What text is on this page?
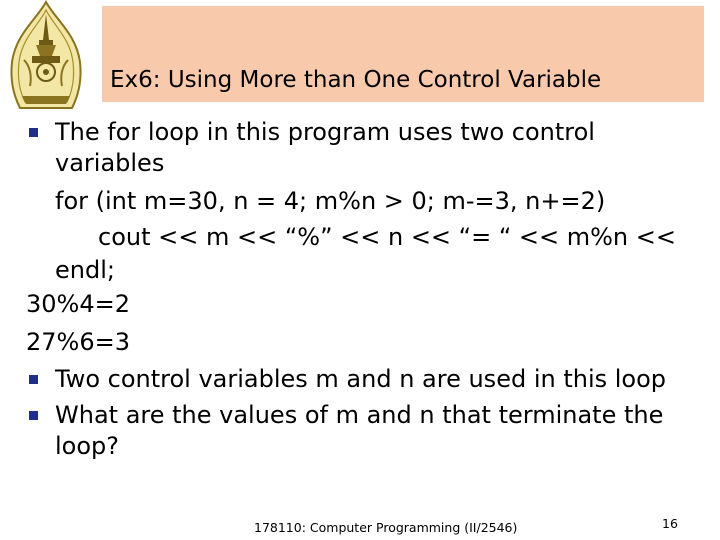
Ex6: Using More than One Control Variable
The for loop in this program uses two control
variables
for (int m=30, n = 4; m%n > 0; m-=3, n+=2)
cout << m << “%” << n << “= “ << m%n <<
endl;
30%4=2
27%6=3
Two control variables m and n are used in this loop
What are the values of m and n that terminate the
loop?
178110: Computer Programming (II/2546)	16
